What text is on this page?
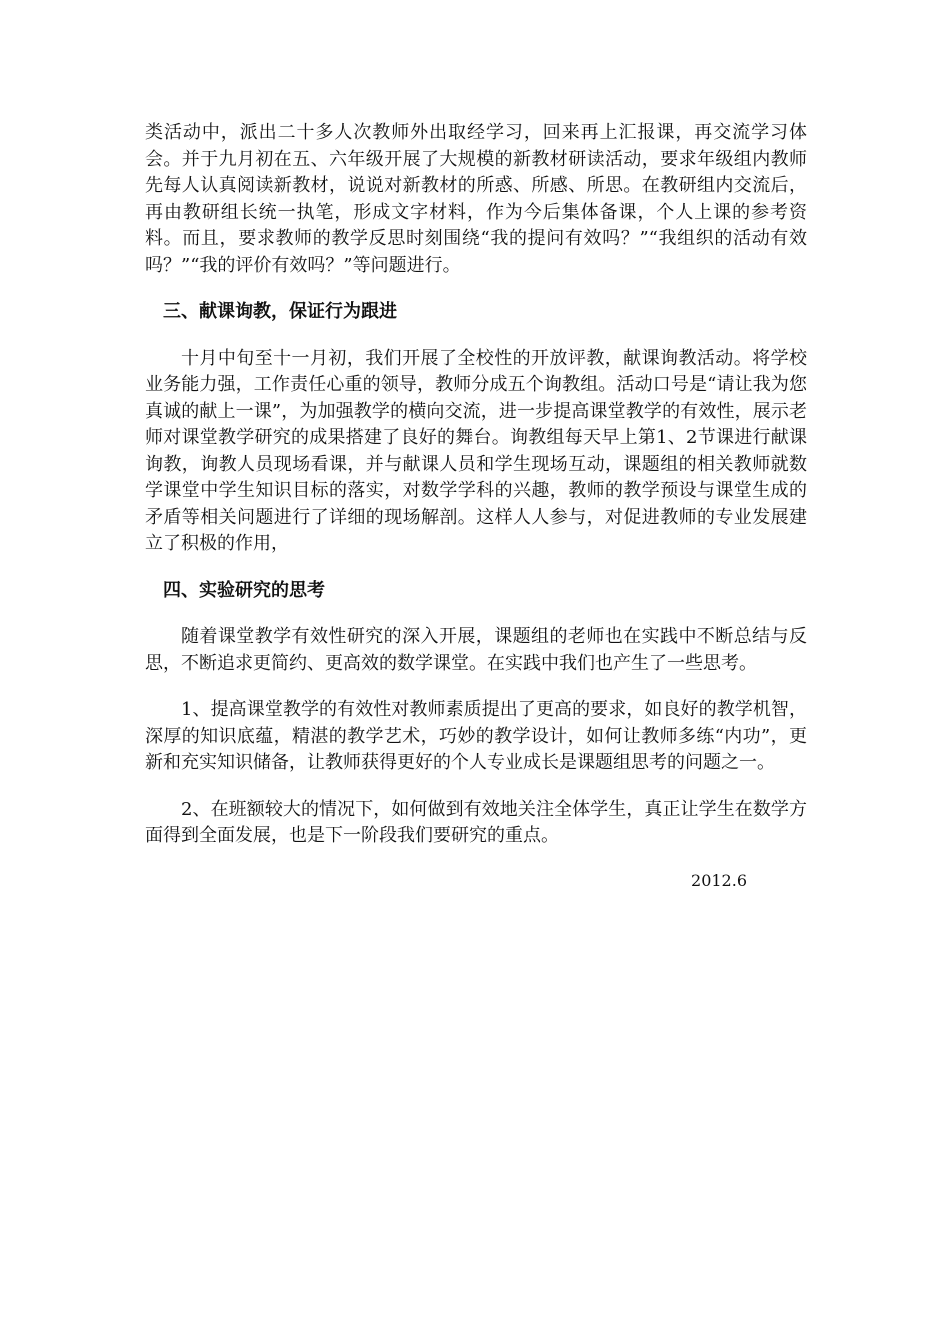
类活动中，派出二十多人次教师外出取经学习，回来再上汇报课，再交流学习体会。并于九月初在五、六年级开展了大规模的新教材研读活动，要求年级组内教师先每人认真阅读新教材，说说对新教材的所惑、所感、所思。在教研组内交流后，再由教研组长统一执笔，形成文字材料，作为今后集体备课，个人上课的参考资料。而且，要求教师的教学反思时刻围绕“我的提问有效吗？”“我组织的活动有效吗？”“我的评价有效吗？”等问题进行。

三、献课询教，保证行为跟进

十月中旬至十一月初，我们开展了全校性的开放评教，献课询教活动。将学校业务能力强，工作责任心重的领导，教师分成五个询教组。活动口号是“请让我为您真诚的献上一课”，为加强教学的横向交流，进一步提高课堂教学的有效性，展示老师对课堂教学研究的成果搭建了良好的舞台。询教组每天早上第1、2节课进行献课询教，询教人员现场看课，并与献课人员和学生现场互动，课题组的相关教师就数学课堂中学生知识目标的落实，对数学学科的兴趣，教师的教学预设与课堂生成的矛盾等相关问题进行了详细的现场解剖。这样人人参与，对促进教师的专业发展建立了积极的作用，

四、实验研究的思考

随着课堂教学有效性研究的深入开展，课题组的老师也在实践中不断总结与反思，不断追求更简约、更高效的数学课堂。在实践中我们也产生了一些思考。

1、提高课堂教学的有效性对教师素质提出了更高的要求，如良好的教学机智，深厚的知识底蕴，精湛的教学艺术，巧妙的教学设计，如何让教师多练“内功”，更新和充实知识储备，让教师获得更好的个人专业成长是课题组思考的问题之一。

2、在班额较大的情况下，如何做到有效地关注全体学生，真正让学生在数学方面得到全面发展，也是下一阶段我们要研究的重点。

2012.6
